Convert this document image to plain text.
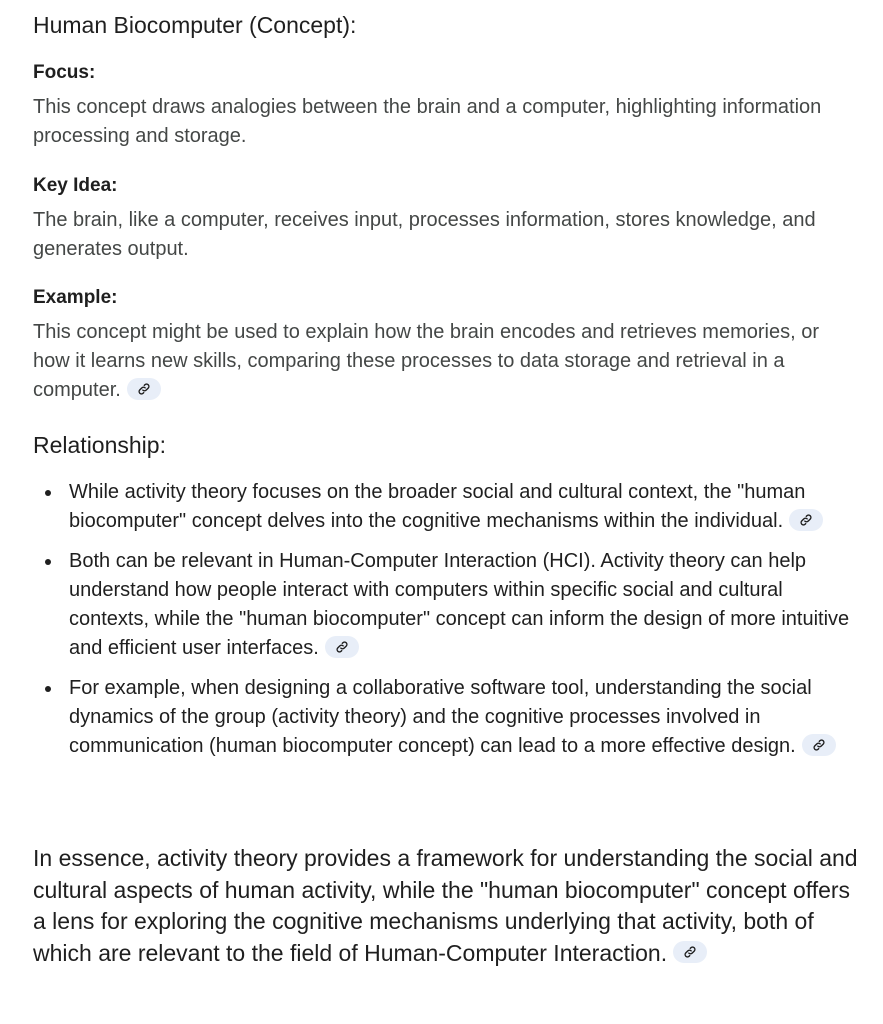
Human Biocomputer (Concept):
Focus:

This concept draws analogies between the brain and a computer, highlighting information processing and storage.

Key Idea:

The brain, like a computer, receives input, processes information, stores knowledge, and generates output.

Example:

This concept might be used to explain how the brain encodes and retrieves memories, or how it learns new skills, comparing these processes to data storage and retrieval in a computer.

Relationship:
While activity theory focuses on the broader social and cultural context, the "human biocomputer" concept delves into the cognitive mechanisms within the individual.
Both can be relevant in Human-Computer Interaction (HCI). Activity theory can help understand how people interact with computers within specific social and cultural contexts, while the "human biocomputer" concept can inform the design of more intuitive and efficient user interfaces.
For example, when designing a collaborative software tool, understanding the social dynamics of the group (activity theory) and the cognitive processes involved in communication (human biocomputer concept) can lead to a more effective design.

In essence, activity theory provides a framework for understanding the social and cultural aspects of human activity, while the "human biocomputer" concept offers a lens for exploring the cognitive mechanisms underlying that activity, both of which are relevant to the field of Human-Computer Interaction.
